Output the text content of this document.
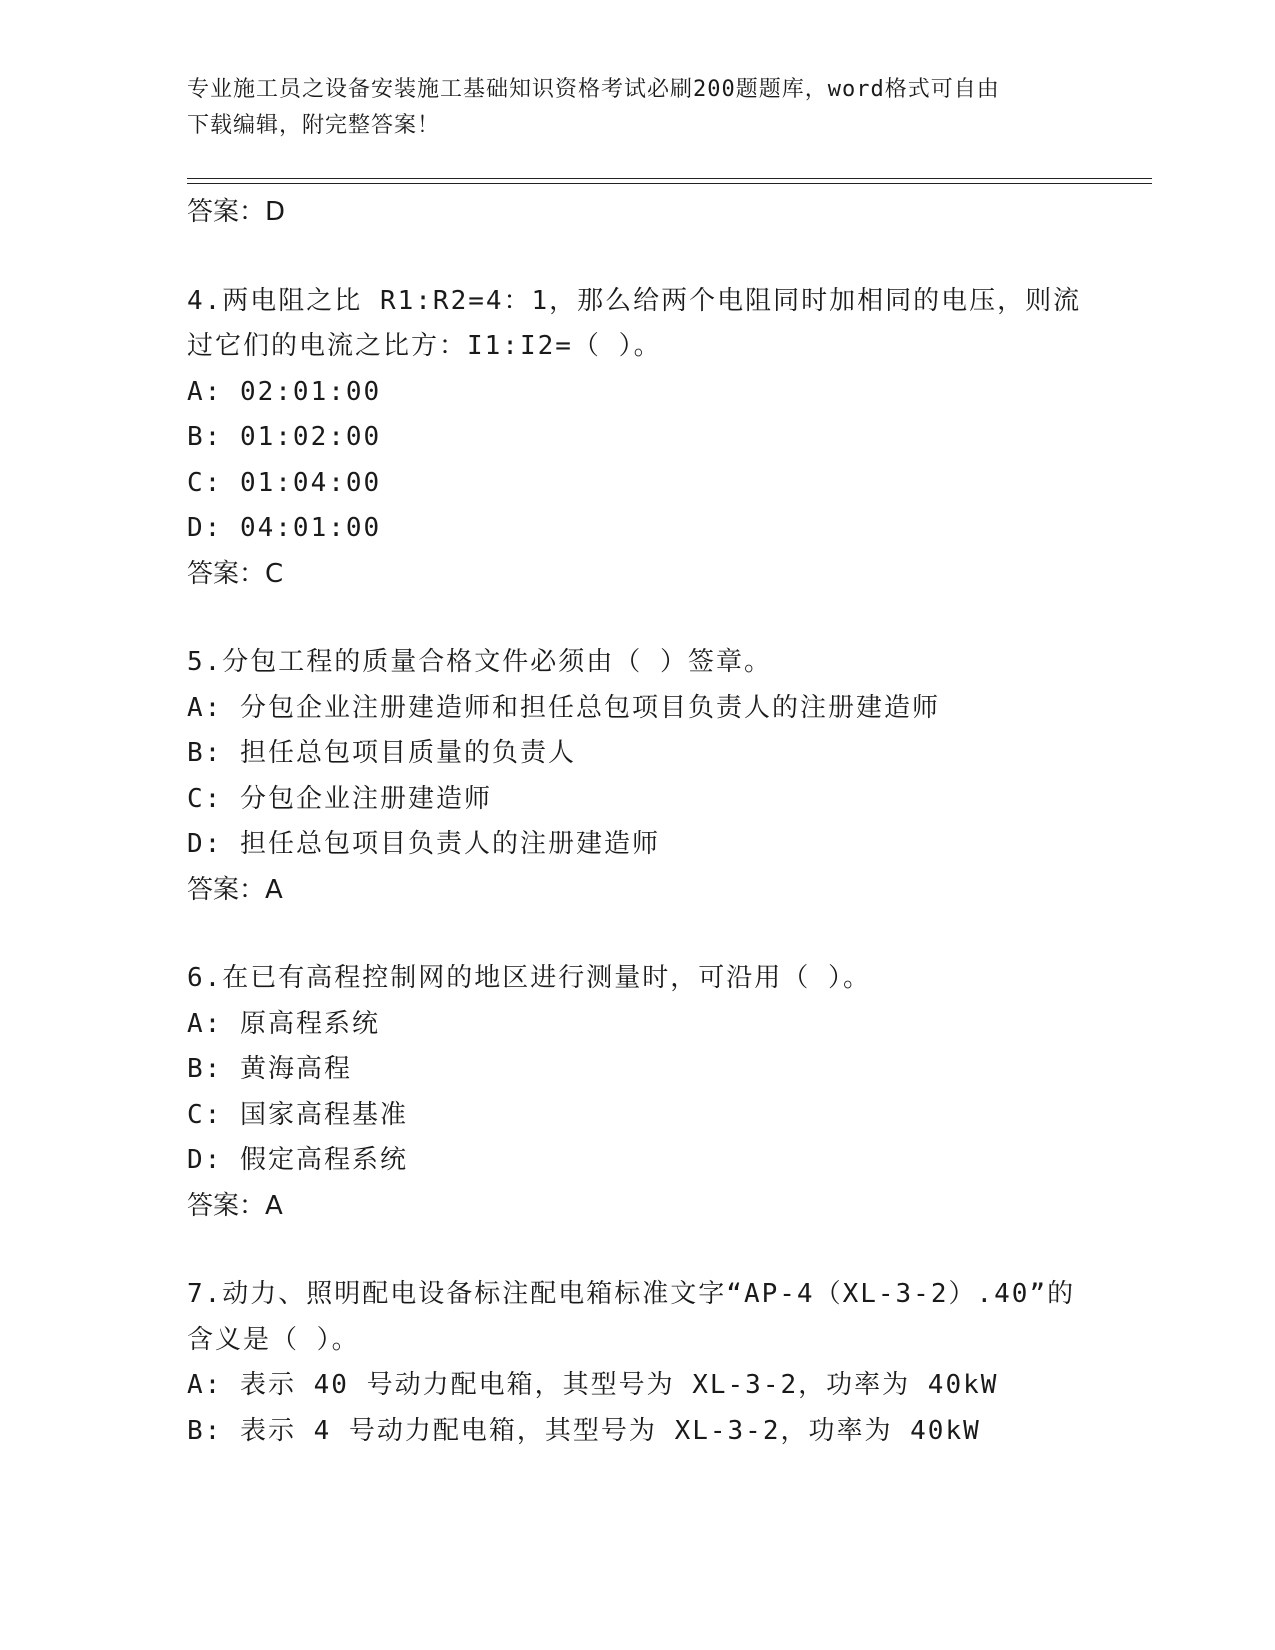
专业施工员之设备安装施工基础知识资格考试必刷200题题库，word格式可自由
下载编辑，附完整答案！
答案：D
4.两电阻之比 R1:R2=4：1，那么给两个电阻同时加相同的电压，则流
过它们的电流之比方：I1:I2=（ ）。
A: 02:01:00
B: 01:02:00
C: 01:04:00
D: 04:01:00
答案：C
5.分包工程的质量合格文件必须由（ ）签章。
A: 分包企业注册建造师和担任总包项目负责人的注册建造师
B: 担任总包项目质量的负责人
C: 分包企业注册建造师
D: 担任总包项目负责人的注册建造师
答案：A
6.在已有高程控制网的地区进行测量时，可沿用（ ）。
A: 原高程系统
B: 黄海高程
C: 国家高程基准
D: 假定高程系统
答案：A
7.动力、照明配电设备标注配电箱标准文字“AP-4（XL-3-2）.40”的
含义是（ ）。
A: 表示 40 号动力配电箱，其型号为 XL-3-2，功率为 40kW
B: 表示 4 号动力配电箱，其型号为 XL-3-2，功率为 40kW
